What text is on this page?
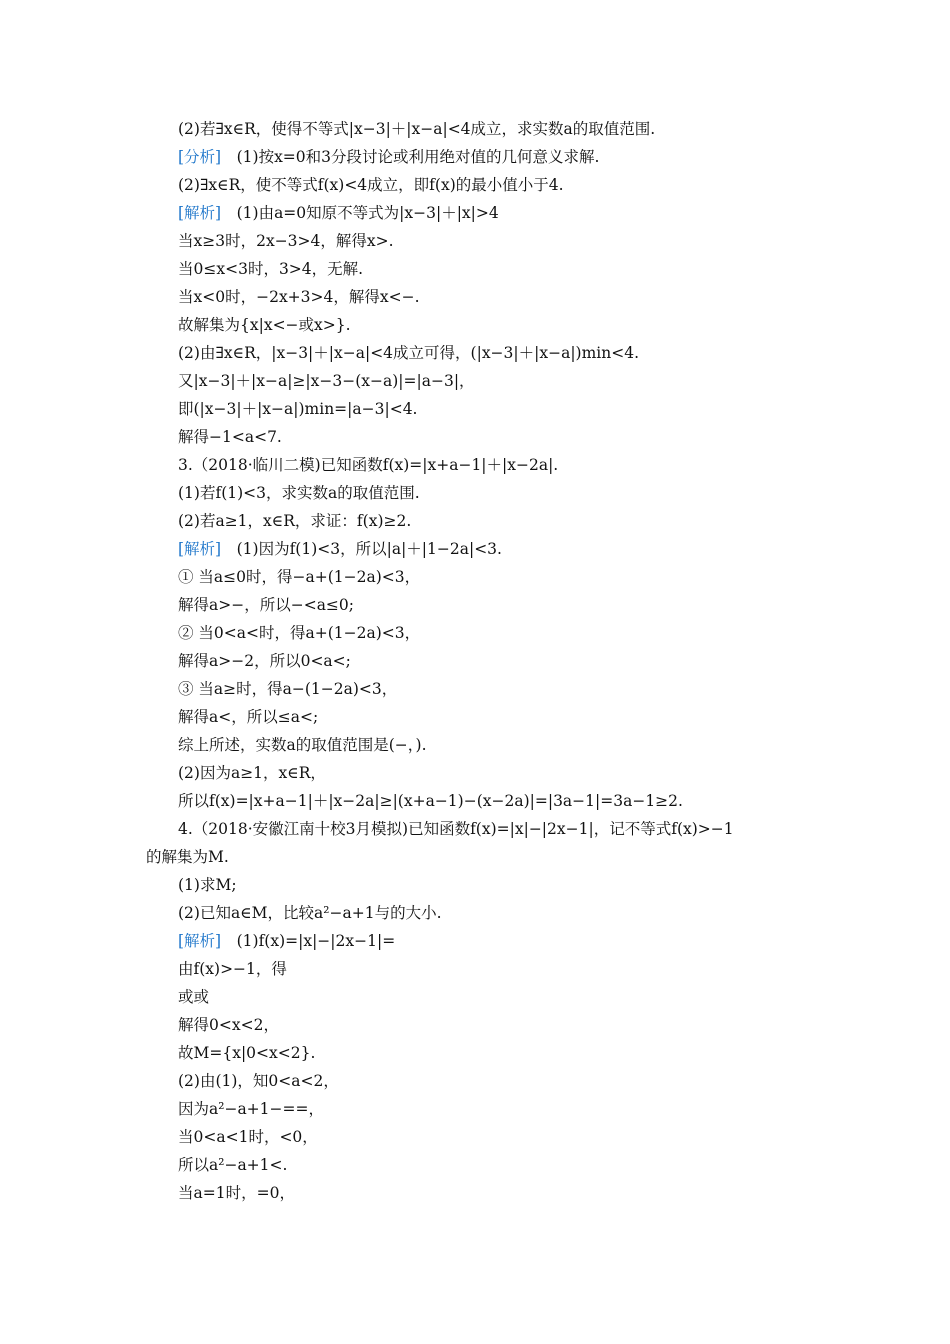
(2)若∃x∈R，使得不等式|x−3|＋|x−a|<4成立，求实数a的取值范围.

[分析]　(1)按x=0和3分段讨论或利用绝对值的几何意义求解.

(2)∃x∈R，使不等式f(x)<4成立，即f(x)的最小值小于4.

[解析]　(1)由a=0知原不等式为|x−3|＋|x|>4

当x≥3时，2x−3>4，解得x>.

当0≤x<3时，3>4，无解.

当x<0时，−2x+3>4，解得x<−.

故解集为{x|x<−或x>}.

(2)由∃x∈R，|x−3|＋|x−a|<4成立可得，(|x−3|＋|x−a|)min<4.

又|x−3|＋|x−a|≥|x−3−(x−a)|=|a−3|，

即(|x−3|＋|x−a|)min=|a−3|<4.

解得−1<a<7.

3.（2018·临川二模)已知函数f(x)=|x+a−1|＋|x−2a|.

(1)若f(1)<3，求实数a的取值范围.

(2)若a≥1，x∈R，求证：f(x)≥2.

[解析]　(1)因为f(1)<3，所以|a|＋|1−2a|<3.

① 当a≤0时，得−a+(1−2a)<3，

解得a>−，所以−<a≤0;

② 当0<a<时，得a+(1−2a)<3，

解得a>−2，所以0<a<;

③ 当a≥时，得a−(1−2a)<3，

解得a<，所以≤a<;

综上所述，实数a的取值范围是(−，).

(2)因为a≥1，x∈R，

所以f(x)=|x+a−1|＋|x−2a|≥|(x+a−1)−(x−2a)|=|3a−1|=3a−1≥2.

4.（2018·安徽江南十校3月模拟)已知函数f(x)=|x|−|2x−1|，记不等式f(x)>−1

的解集为M.

(1)求M;

(2)已知a∈M，比较a²−a+1与的大小.

[解析]　(1)f(x)=|x|−|2x−1|=

由f(x)>−1，得

或或

解得0<x<2，

故M={x|0<x<2}.

(2)由(1)，知0<a<2，

因为a²−a+1−==，

当0<a<1时，<0，

所以a²−a+1<.

当a=1时，=0，
